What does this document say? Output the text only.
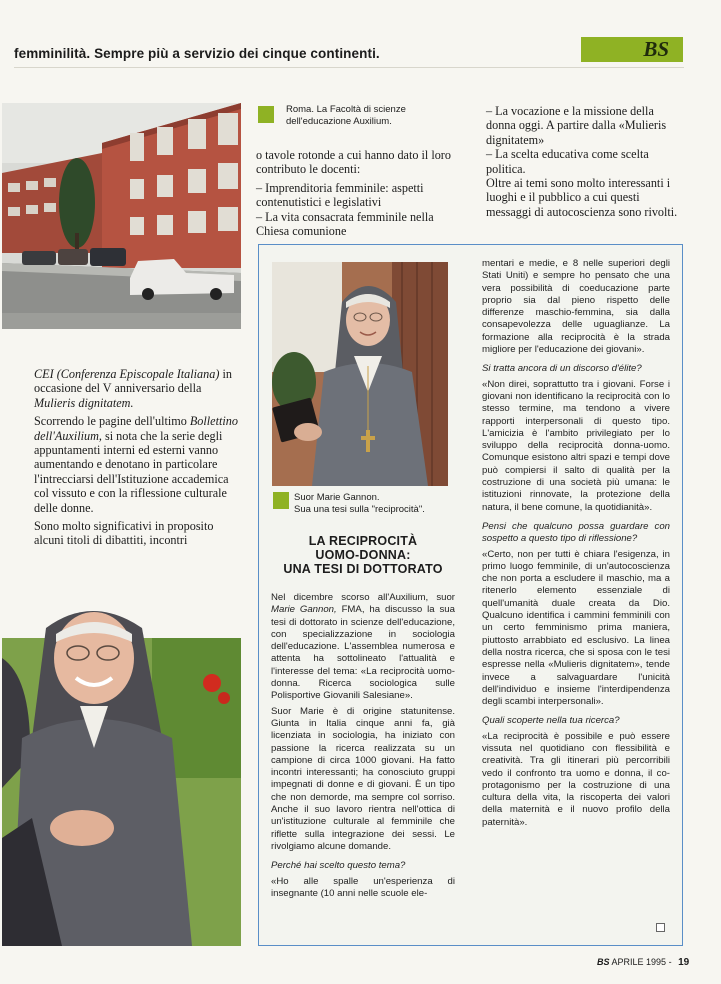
femminilità. Sempre più a servizio dei cinque continenti.	BS
Roma. La Facoltà di scienze dell'educazione Auxilium.

CEI (Conferenza Episcopale Italiana) in occasione del V anniversario della Mulieris dignitatem.

Scorrendo le pagine dell'ultimo Bollettino dell'Auxilium, si nota che la serie degli appuntamenti interni ed esterni vanno aumentando e denotano in particolare l'intrecciarsi dell'Istituzione accademica col vissuto e con la riflessione culturale delle donne.

Sono molto significativi in proposito alcuni titoli di dibattiti, incontri

o tavole rotonde a cui hanno dato il loro contributo le docenti:

– Imprenditoria femminile: aspetti contenutistici e legislativi

– La vita consacrata femminile nella Chiesa comunione

– La vocazione e la missione della donna oggi. A partire dalla «Mulieris dignitatem»

– La scelta educativa come scelta politica.

Oltre ai temi sono molto interessanti i luoghi e il pubblico a cui questi messaggi di autocoscienza sono rivolti.

Suor Marie Gannon.
Sua una tesi sulla "reciprocità".
LA RECIPROCITÀ
UOMO-DONNA:
UNA TESI DI DOTTORATO

Nel dicembre scorso all'Auxilium, suor Marie Gannon, FMA, ha discusso la sua tesi di dottorato in scienze dell'educazione, con specializzazione in sociologia dell'educazione. L'assemblea numerosa e attenta ha sottolineato l'attualità e l'interesse del tema: «La reciprocità uomo-donna. Ricerca sociologica sulle Polisportive Giovanili Salesiane».

Suor Marie è di origine statunitense. Giunta in Italia cinque anni fa, già licenziata in sociologia, ha iniziato con passione la ricerca realizzata su un campione di circa 1000 giovani. Ha fatto incontri interessanti; ha conosciuto gruppi impegnati di donne e di giovani. È un tipo che non demorde, ma sempre col sorriso. Anche il suo lavoro rientra nell'ottica di un'istituzione culturale al femminile che riflette sulla integrazione dei sessi. Le rivolgiamo alcune domande.

Perché hai scelto questo tema?

«Ho alle spalle un'esperienza di insegnante (10 anni nelle scuole ele-

mentari e medie, e 8 nelle superiori degli Stati Uniti) e sempre ho pensato che una vera possibilità di coeducazione parte proprio sia dal pieno rispetto delle differenze maschio-femmina, sia dalla consapevolezza delle uguaglianze. La formazione alla reciprocità è la strada migliore per l'educazione dei giovani».

Si tratta ancora di un discorso d'élite?

«Non direi, soprattutto tra i giovani. Forse i giovani non identificano la reciprocità con lo stesso termine, ma tendono a vivere rapporti interpersonali di questo tipo. L'amicizia è l'ambito privilegiato per lo sviluppo della reciprocità donna-uomo. Comunque esistono altri spazi e tempi dove può compiersi il salto di qualità per la costruzione di una società più umana: le istituzioni rinnovate, la protezione della natura, il bene comune, la quotidianità».

Pensi che qualcuno possa guardare con sospetto a questo tipo di riflessione?

«Certo, non per tutti è chiara l'esigenza, in primo luogo femminile, di un'autocoscienza che non porta a escludere il maschio, ma a ritenerlo elemento essenziale di quell'umanità duale creata da Dio. Qualcuno identifica i cammini femminili con un certo femminismo prima maniera, piuttosto arrabbiato ed esclusivo. La linea della nostra ricerca, che si sposa con le tesi espresse nella «Mulieris dignitatem», tende invece a salvaguardare l'unicità dell'individuo e insieme l'interdipendenza degli scambi interpersonali».

Quali scoperte nella tua ricerca?

«La reciprocità è possibile e può essere vissuta nel quotidiano con flessibilità e creatività. Tra gli itinerari più percorribili vedo il confronto tra uomo e donna, il co-protagonismo per la costruzione di una cultura della vita, la riscoperta dei valori della maternità e il nuovo profilo della paternità».

BS APRILE 1995 - 19
